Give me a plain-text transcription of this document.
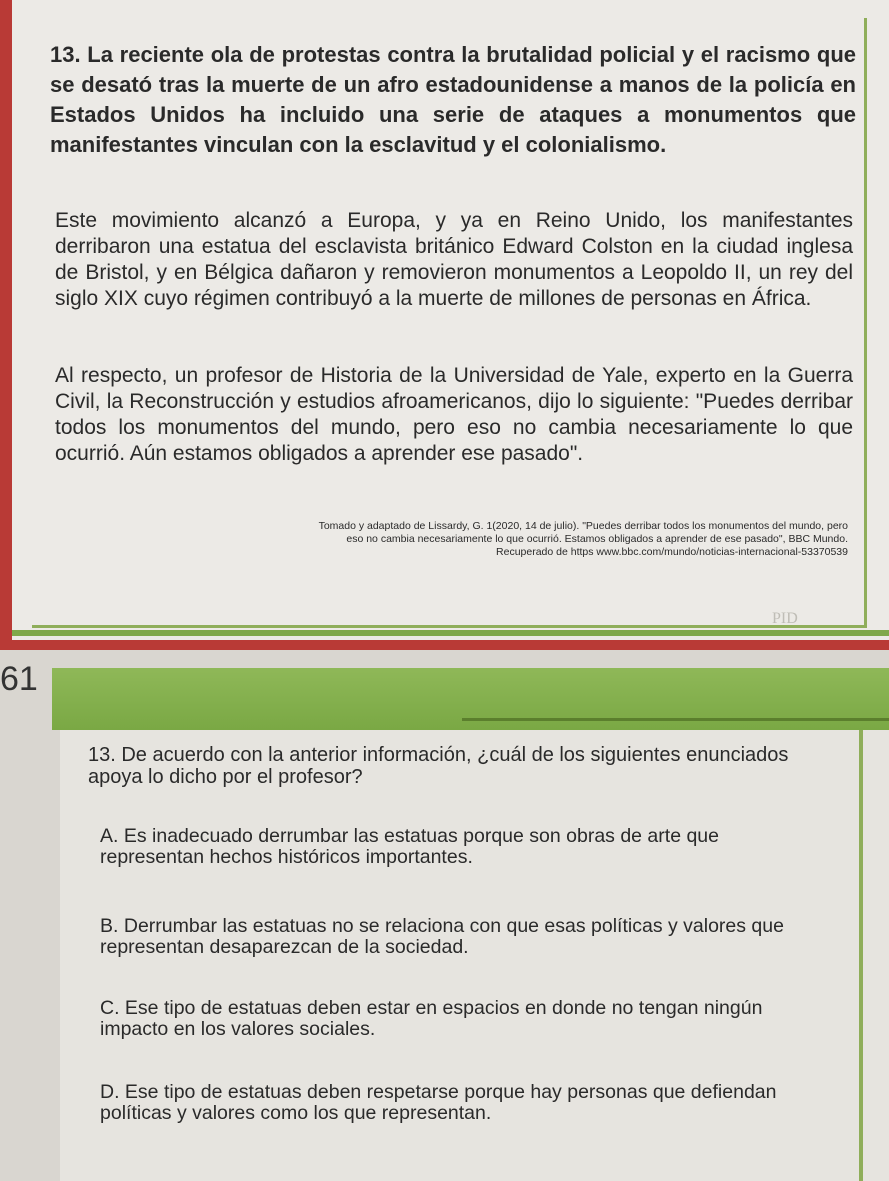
PID
13. La reciente ola de protestas contra la brutalidad policial y el racismo que se desató tras la muerte de un afro estadounidense a manos de la policía en Estados Unidos ha incluido una serie de ataques a monumentos que manifestantes vinculan con la esclavitud y el colonialismo.
Este movimiento alcanzó a Europa, y ya en Reino Unido, los manifestantes derribaron una estatua del esclavista británico Edward Colston en la ciudad inglesa de Bristol, y en Bélgica dañaron y removieron monumentos a Leopoldo II, un rey del siglo XIX cuyo régimen contribuyó a la muerte de millones de personas en África.
Al respecto, un profesor de Historia de la Universidad de Yale, experto en la Guerra Civil, la Reconstrucción y estudios afroamericanos, dijo lo siguiente: "Puedes derribar todos los monumentos del mundo, pero eso no cambia necesariamente lo que ocurrió. Aún estamos obligados a aprender ese pasado".
Tomado y adaptado de Lissardy, G. 1(2020, 14 de julio). "Puedes derribar todos los monumentos del mundo, pero
eso no cambia necesariamente lo que ocurrió. Estamos obligados a aprender de ese pasado", BBC Mundo.
Recuperado de https www.bbc.com/mundo/noticias-internacional-53370539
61
13. De acuerdo con la anterior información, ¿cuál de los siguientes enunciados apoya lo dicho por el profesor?
A. Es inadecuado derrumbar las estatuas porque son obras de arte que representan hechos históricos importantes.
B. Derrumbar las estatuas no se relaciona con que esas políticas y valores que representan desaparezcan de la sociedad.
C. Ese tipo de estatuas deben estar en espacios en donde no tengan ningún impacto en los valores sociales.
D. Ese tipo de estatuas deben respetarse porque hay personas que defiendan políticas y valores como los que representan.
